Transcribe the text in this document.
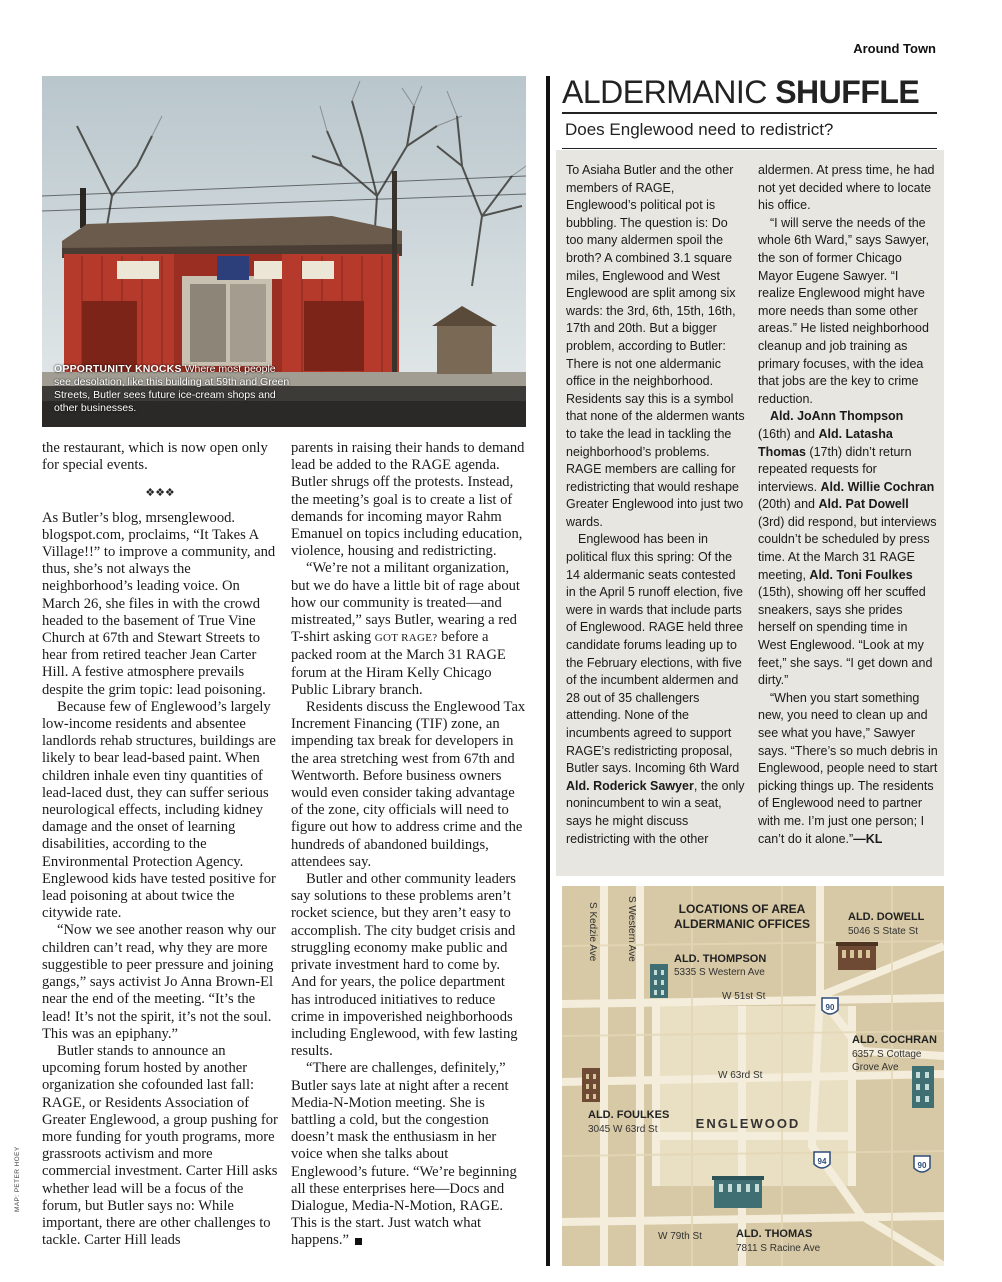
Around Town
OPPORTUNITY KNOCKS Where most people see desolation, like this building at 59th and Green Streets, Butler sees future ice-cream shops and other businesses.

the restaurant, which is now open only for special events.

❖❖❖

As Butler’s blog, mrsenglewood. blogspot.com, proclaims, “It Takes A Village!!” to improve a community, and thus, she’s not always the neighborhood’s leading voice. On March 26, she files in with the crowd headed to the basement of True Vine Church at 67th and Stewart Streets to hear from retired teacher Jean Carter Hill. A festive atmosphere prevails despite the grim topic: lead poisoning.

Because few of Englewood’s largely low-income residents and absentee landlords rehab structures, buildings are likely to bear lead-based paint. When children inhale even tiny quantities of lead-laced dust, they can suffer serious neurological effects, including kidney damage and the onset of learning disabilities, according to the Environmental Protection Agency. Englewood kids have tested positive for lead poisoning at about twice the citywide rate.

“Now we see another reason why our children can’t read, why they are more suggestible to peer pressure and joining gangs,” says activist Jo Anna Brown-El near the end of the meeting. “It’s the lead! It’s not the spirit, it’s not the soul. This was an epiphany.”

Butler stands to announce an upcoming forum hosted by another organization she cofounded last fall: RAGE, or Residents Association of Greater Englewood, a group pushing for more funding for youth programs, more grassroots activism and more commercial investment. Carter Hill asks whether lead will be a focus of the forum, but Butler says no: While important, there are other challenges to tackle. Carter Hill leads

parents in raising their hands to demand lead be added to the RAGE agenda. Butler shrugs off the protests. Instead, the meeting’s goal is to create a list of demands for incoming mayor Rahm Emanuel on topics including education, violence, housing and redistricting.

“We’re not a militant organization, but we do have a little bit of rage about how our community is treated—and mistreated,” says Butler, wearing a red T-shirt asking GOT RAGE? before a packed room at the March 31 RAGE forum at the Hiram Kelly Chicago Public Library branch.

Residents discuss the Englewood Tax Increment Financing (TIF) zone, an impending tax break for developers in the area stretching west from 67th and Wentworth. Before business owners would even consider taking advantage of the zone, city officials will need to figure out how to address crime and the hundreds of abandoned buildings, attendees say.

Butler and other community leaders say solutions to these problems aren’t rocket science, but they aren’t easy to accomplish. The city budget crisis and struggling economy make public and private investment hard to come by. And for years, the police department has introduced initiatives to reduce crime in impoverished neighborhoods including Englewood, with few lasting results.

“There are challenges, definitely,” Butler says late at night after a recent Media-N-Motion meeting. She is battling a cold, but the congestion doesn’t mask the enthusiasm in her voice when she talks about Englewood’s future. “We’re beginning all these enterprises here—Docs and Dialogue, Media-N-Motion, RAGE. This is the start. Just watch what happens.”

MAP: PETER HOEY
ALDERMANIC SHUFFLE
Does Englewood need to redistrict?

To Asiaha Butler and the other members of RAGE, Englewood’s political pot is bubbling. The question is: Do too many aldermen spoil the broth? A combined 3.1 square miles, Englewood and West Englewood are split among six wards: the 3rd, 6th, 15th, 16th, 17th and 20th. But a bigger problem, according to Butler: There is not one aldermanic office in the neighborhood. Residents say this is a symbol that none of the aldermen wants to take the lead in tackling the neighborhood’s problems. RAGE members are calling for redistricting that would reshape Greater Englewood into just two wards.

Englewood has been in political flux this spring: Of the 14 aldermanic seats contested in the April 5 runoff election, five were in wards that include parts of Englewood. RAGE held three candidate forums leading up to the February elections, with five of the incumbent aldermen and 28 out of 35 challengers attending. None of the incumbents agreed to support RAGE’s redistricting proposal, Butler says. Incoming 6th Ward Ald. Roderick Sawyer, the only nonincumbent to win a seat, says he might discuss redistricting with the other

aldermen. At press time, he had not yet decided where to locate his office.

“I will serve the needs of the whole 6th Ward,” says Sawyer, the son of former Chicago Mayor Eugene Sawyer. “I realize Englewood might have more needs than some other areas.” He listed neighborhood cleanup and job training as primary focuses, with the idea that jobs are the key to crime reduction.

Ald. JoAnn Thompson (16th) and Ald. Latasha Thomas (17th) didn’t return repeated requests for interviews. Ald. Willie Cochran (20th) and Ald. Pat Dowell (3rd) did respond, but interviews couldn’t be scheduled by press time. At the March 31 RAGE meeting, Ald. Toni Foulkes (15th), showing off her scuffed sneakers, says she prides herself on spending time in West Englewood. “Look at my feet,” she says. “I get down and dirty.”

“When you start something new, you need to clean up and see what you have,” Sawyer says. “There’s so much debris in Englewood, people need to start picking things up. The residents of Englewood need to partner with me. I’m just one person; I can’t do it alone.”—KL

LOCATIONS OF AREA
ALDERMANIC OFFICES
S Kedzie Ave	S Western Ave
W 51st St
W 63rd St
W 79th St
ENGLEWOOD
90
94	90
ALD. DOWELL
5046 S State St
ALD. THOMPSON
5335 S Western Ave
ALD. COCHRAN
6357 S Cottage
Grove Ave
ALD. FOULKES
3045 W 63rd St
ALD. THOMAS
7811 S Racine Ave
